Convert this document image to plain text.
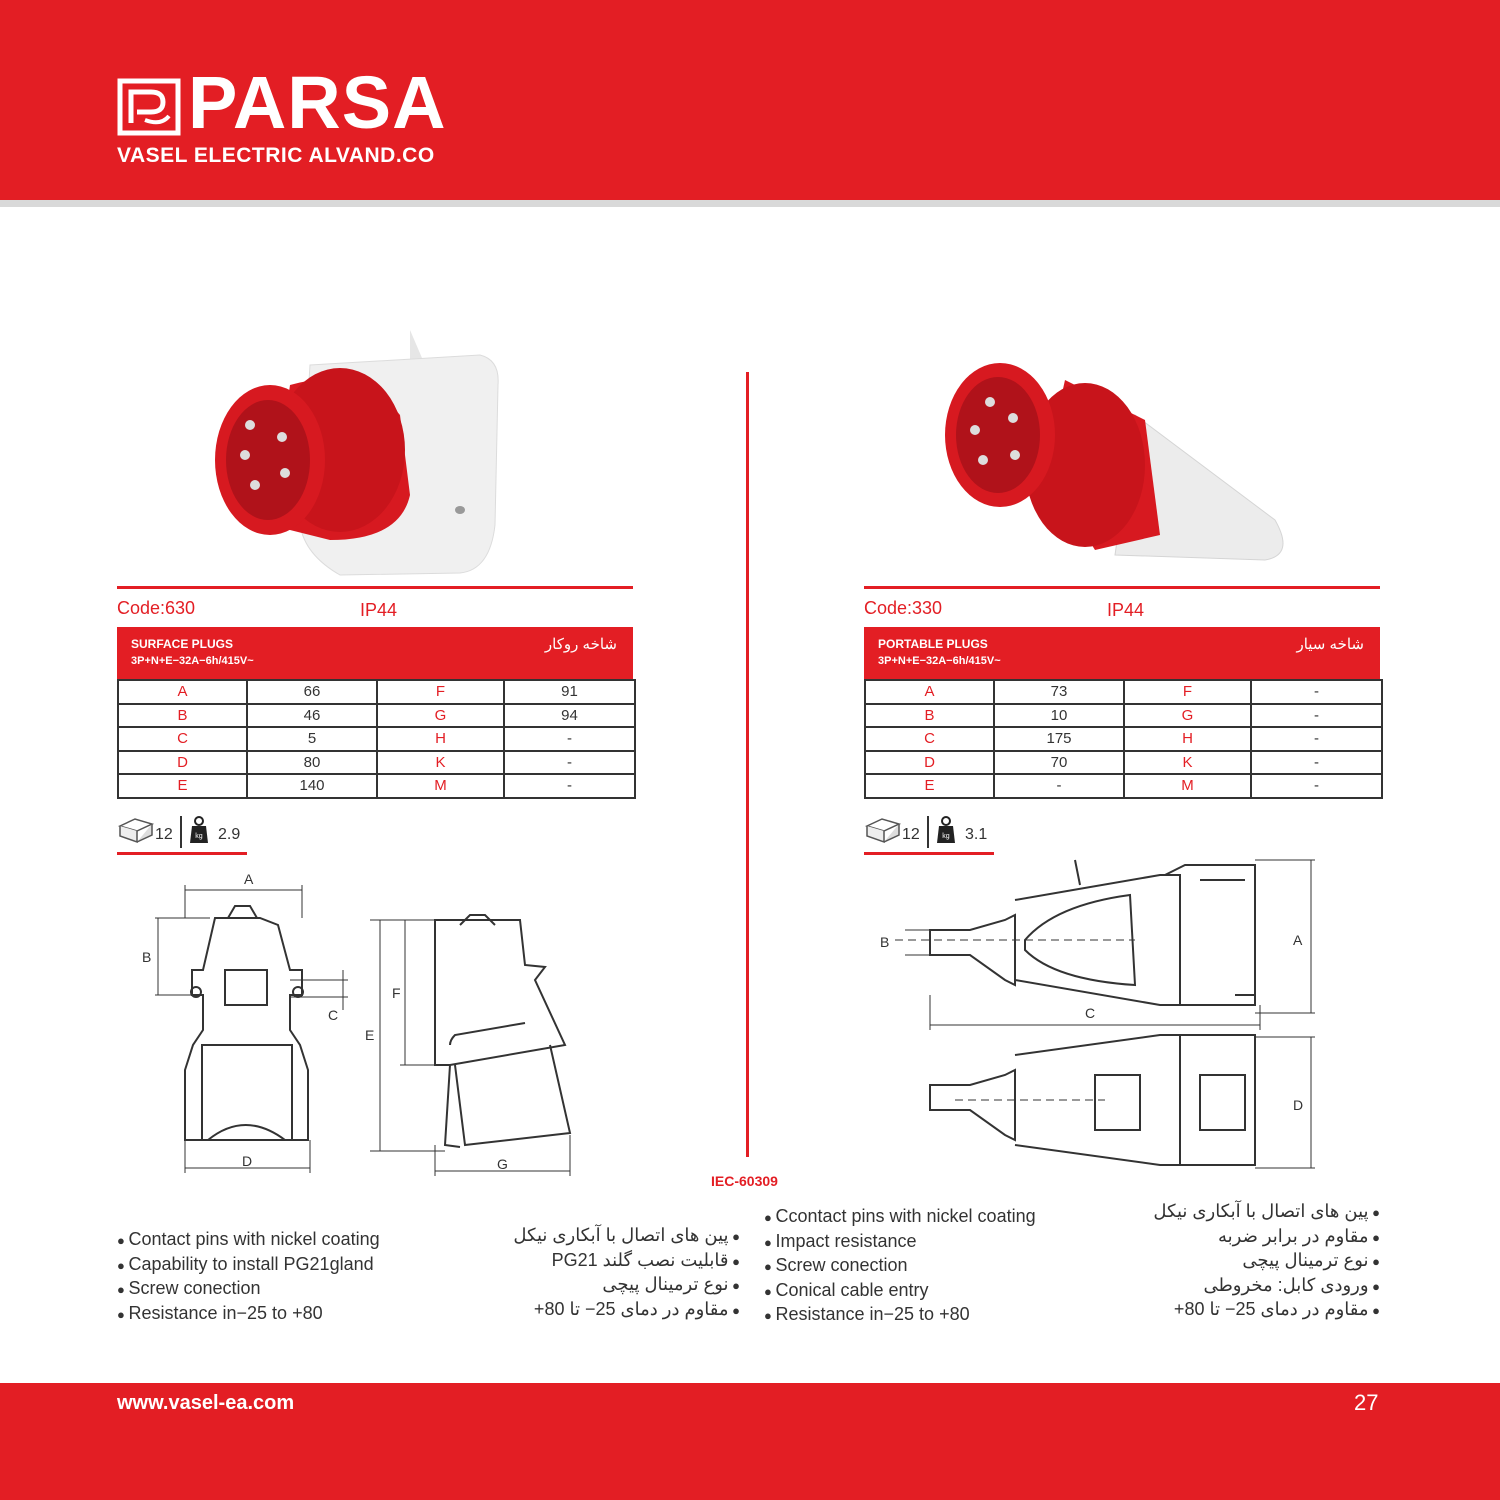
PARSA
VASEL ELECTRIC ALVAND.CO
Code:630	IP44
SURFACE PLUGS
3P+N+E−32A−6h/415V~
شاخه روکار
A	66	F	91
B	46	G	94
C	5	H	-
D	80	K	-
E	140	M	-
12	kg 2.9
Code:330	IP44
PORTABLE PLUGS
3P+N+E−32A−6h/415V~
شاخه سیار
A	73	F	-
B	10	G	-
C	175	H	-
D	70	K	-
E	-	M	-
12	kg 3.1
A
B
C
D
E
F
G
B	A
C
D
IEC-60309
● Contact pins with nickel coating
● Capability to install PG21gland
● Screw conection
● Resistance in−25 to +80
● پین های اتصال با آبکاری نیکل
● قابلیت نصب گلند PG21
● نوع ترمینال پیچی
● مقاوم در دمای 25− تا 80+
● Ccontact pins with nickel coating
● Impact resistance
● Screw conection
● Conical cable entry
● Resistance in−25 to +80
● پین های اتصال با آبکاری نیکل
● مقاوم در برابر ضربه
● نوع ترمینال پیچی
● ورودی کابل: مخروطی
● مقاوم در دمای 25− تا 80+
www.vasel-ea.com	27
